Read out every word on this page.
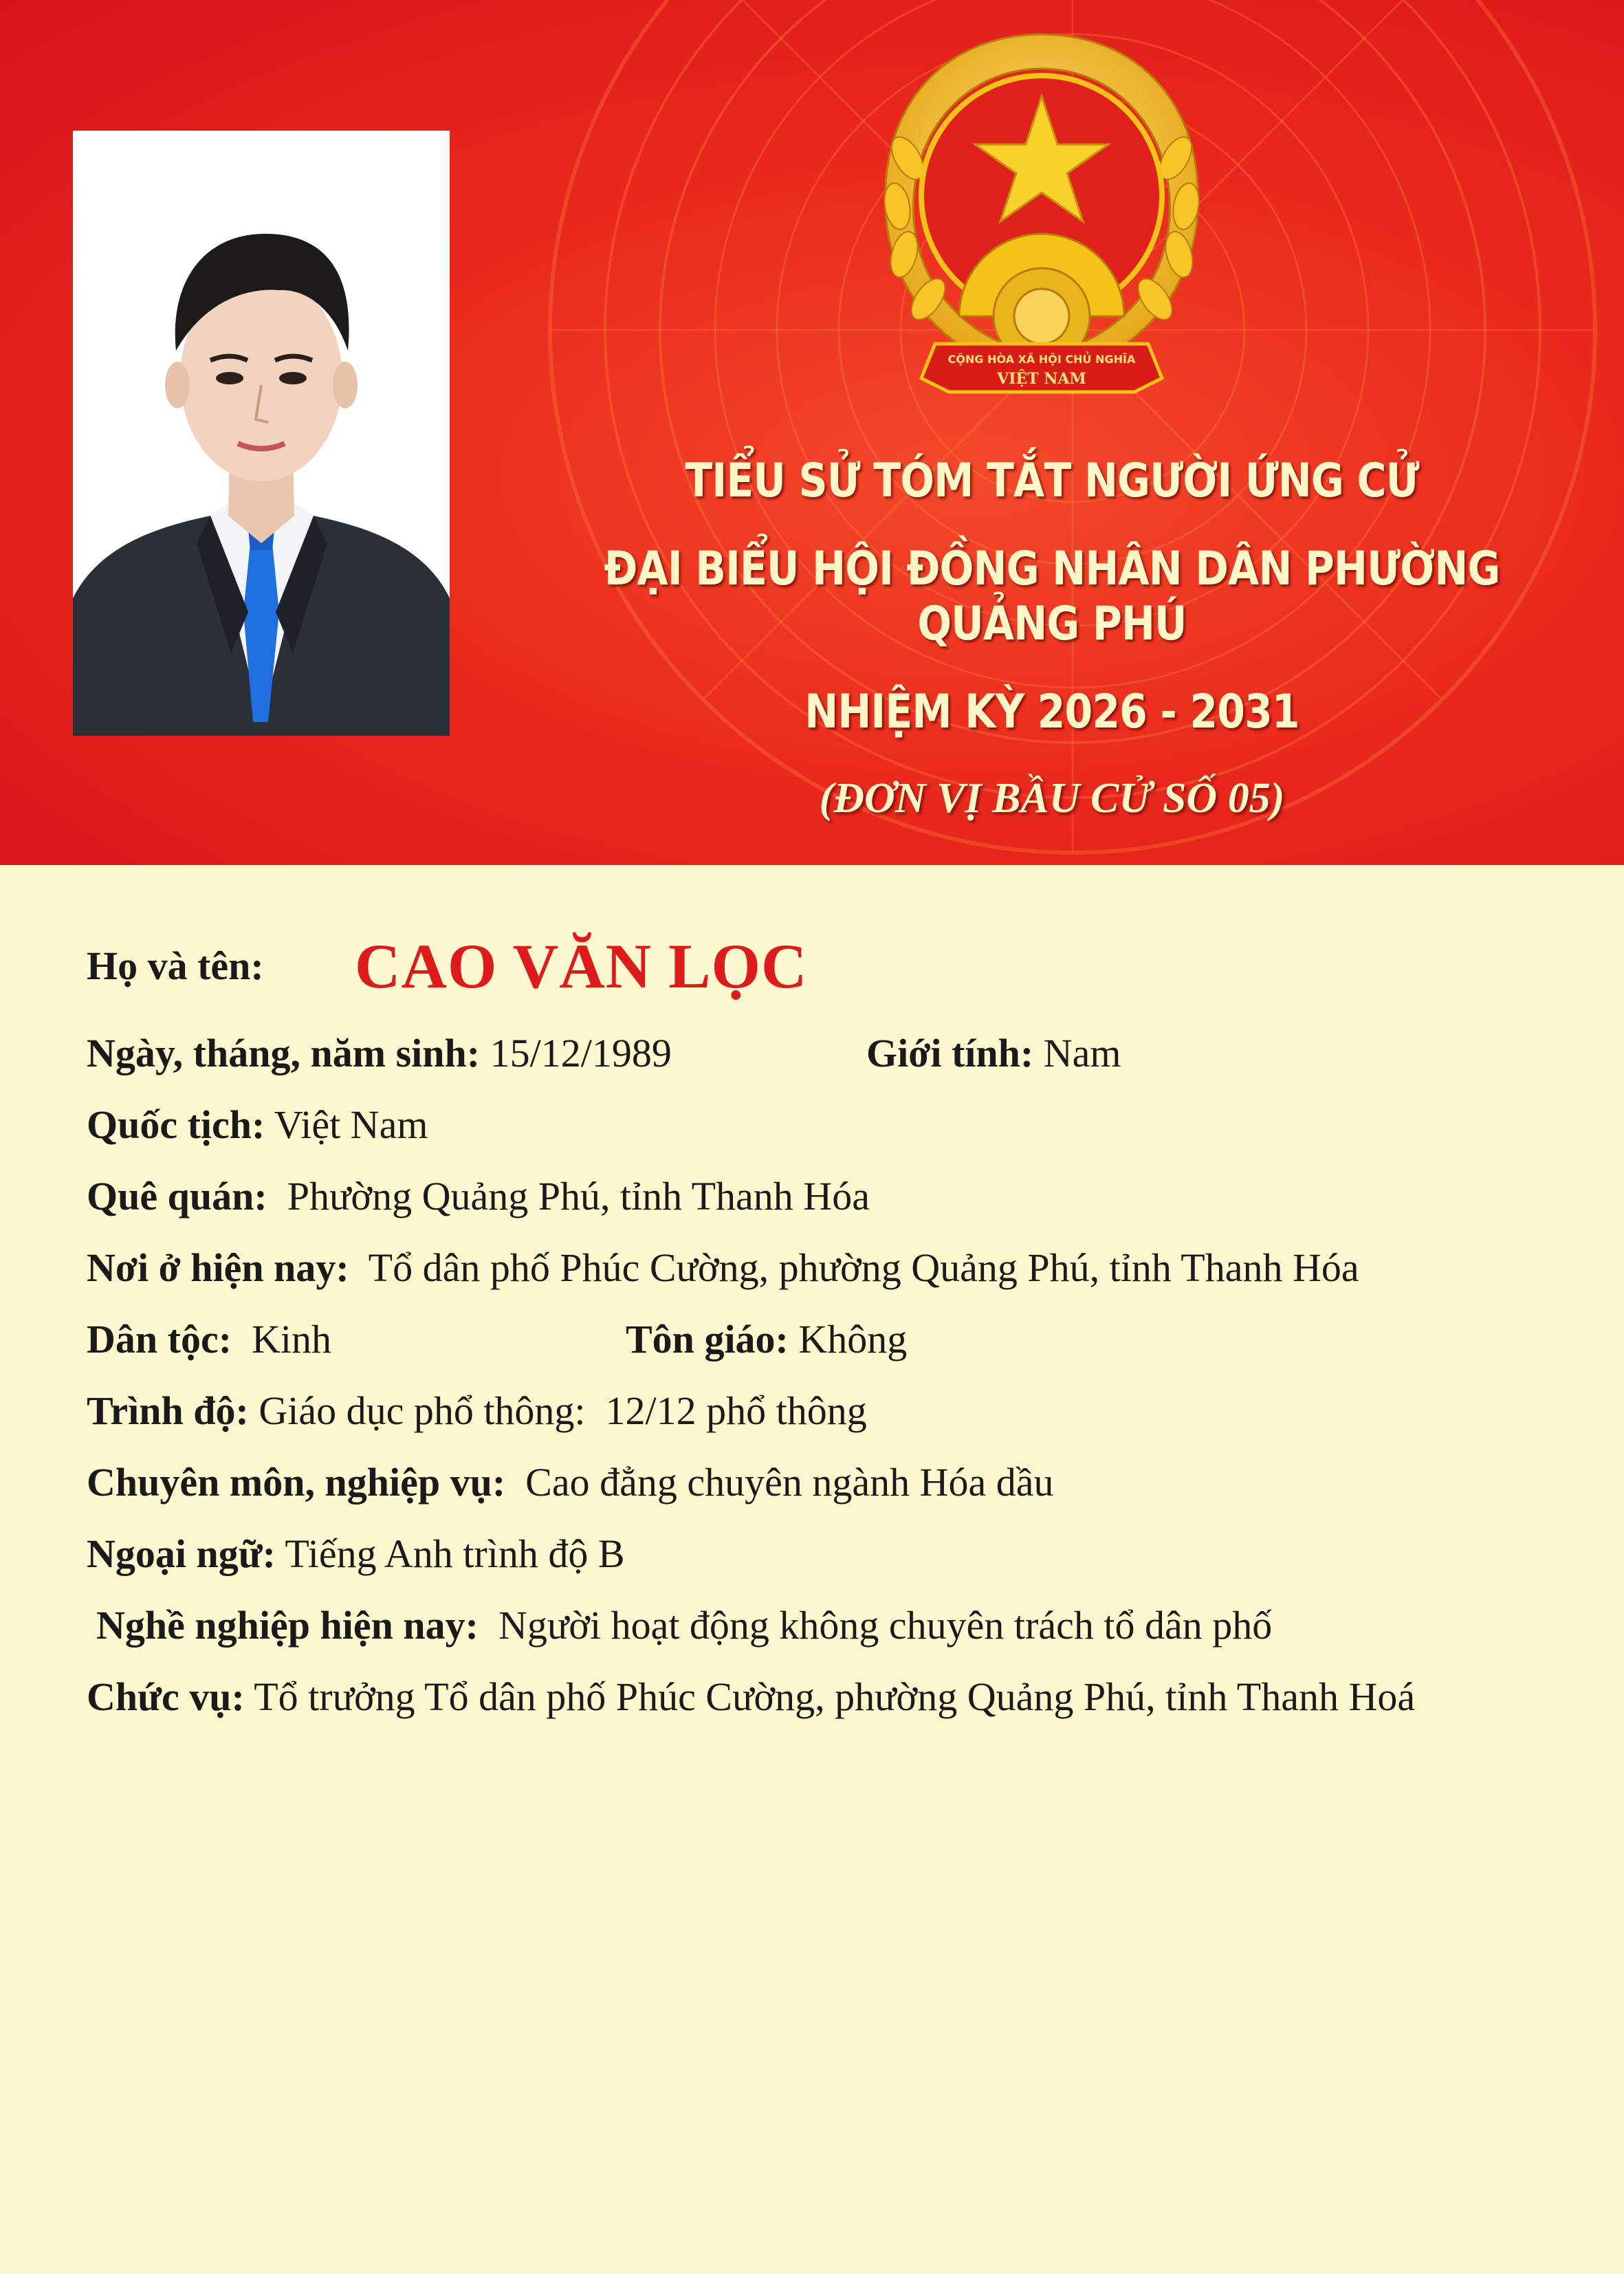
CỘNG HÒA XÃ HỘI CHỦ NGHĨA
VIỆT NAM
TIỂU SỬ TÓM TẮT NGƯỜI ỨNG CỬ
ĐẠI BIỂU HỘI ĐỒNG NHÂN DÂN PHƯỜNG QUẢNG PHÚ
NHIỆM KỲ 2026 - 2031
(ĐƠN VỊ BẦU CỬ SỐ 05)
Họ và tên: CAO VĂN LỌC
Ngày, tháng, năm sinh: 15/12/1989	Giới tính: Nam
Quốc tịch: Việt Nam
Quê quán: Phường Quảng Phú, tỉnh Thanh Hóa
Nơi ở hiện nay: Tổ dân phố Phúc Cường, phường Quảng Phú, tỉnh Thanh Hóa
Dân tộc: Kinh	Tôn giáo: Không
Trình độ: Giáo dục phổ thông:  12/12 phổ thông
Chuyên môn, nghiệp vụ: Cao đẳng chuyên ngành Hóa dầu
Ngoại ngữ: Tiếng Anh trình độ B
Nghề nghiệp hiện nay: Người hoạt động không chuyên trách tổ dân phố
Chức vụ: Tổ trưởng Tổ dân phố Phúc Cường, phường Quảng Phú, tỉnh Thanh Hoá
